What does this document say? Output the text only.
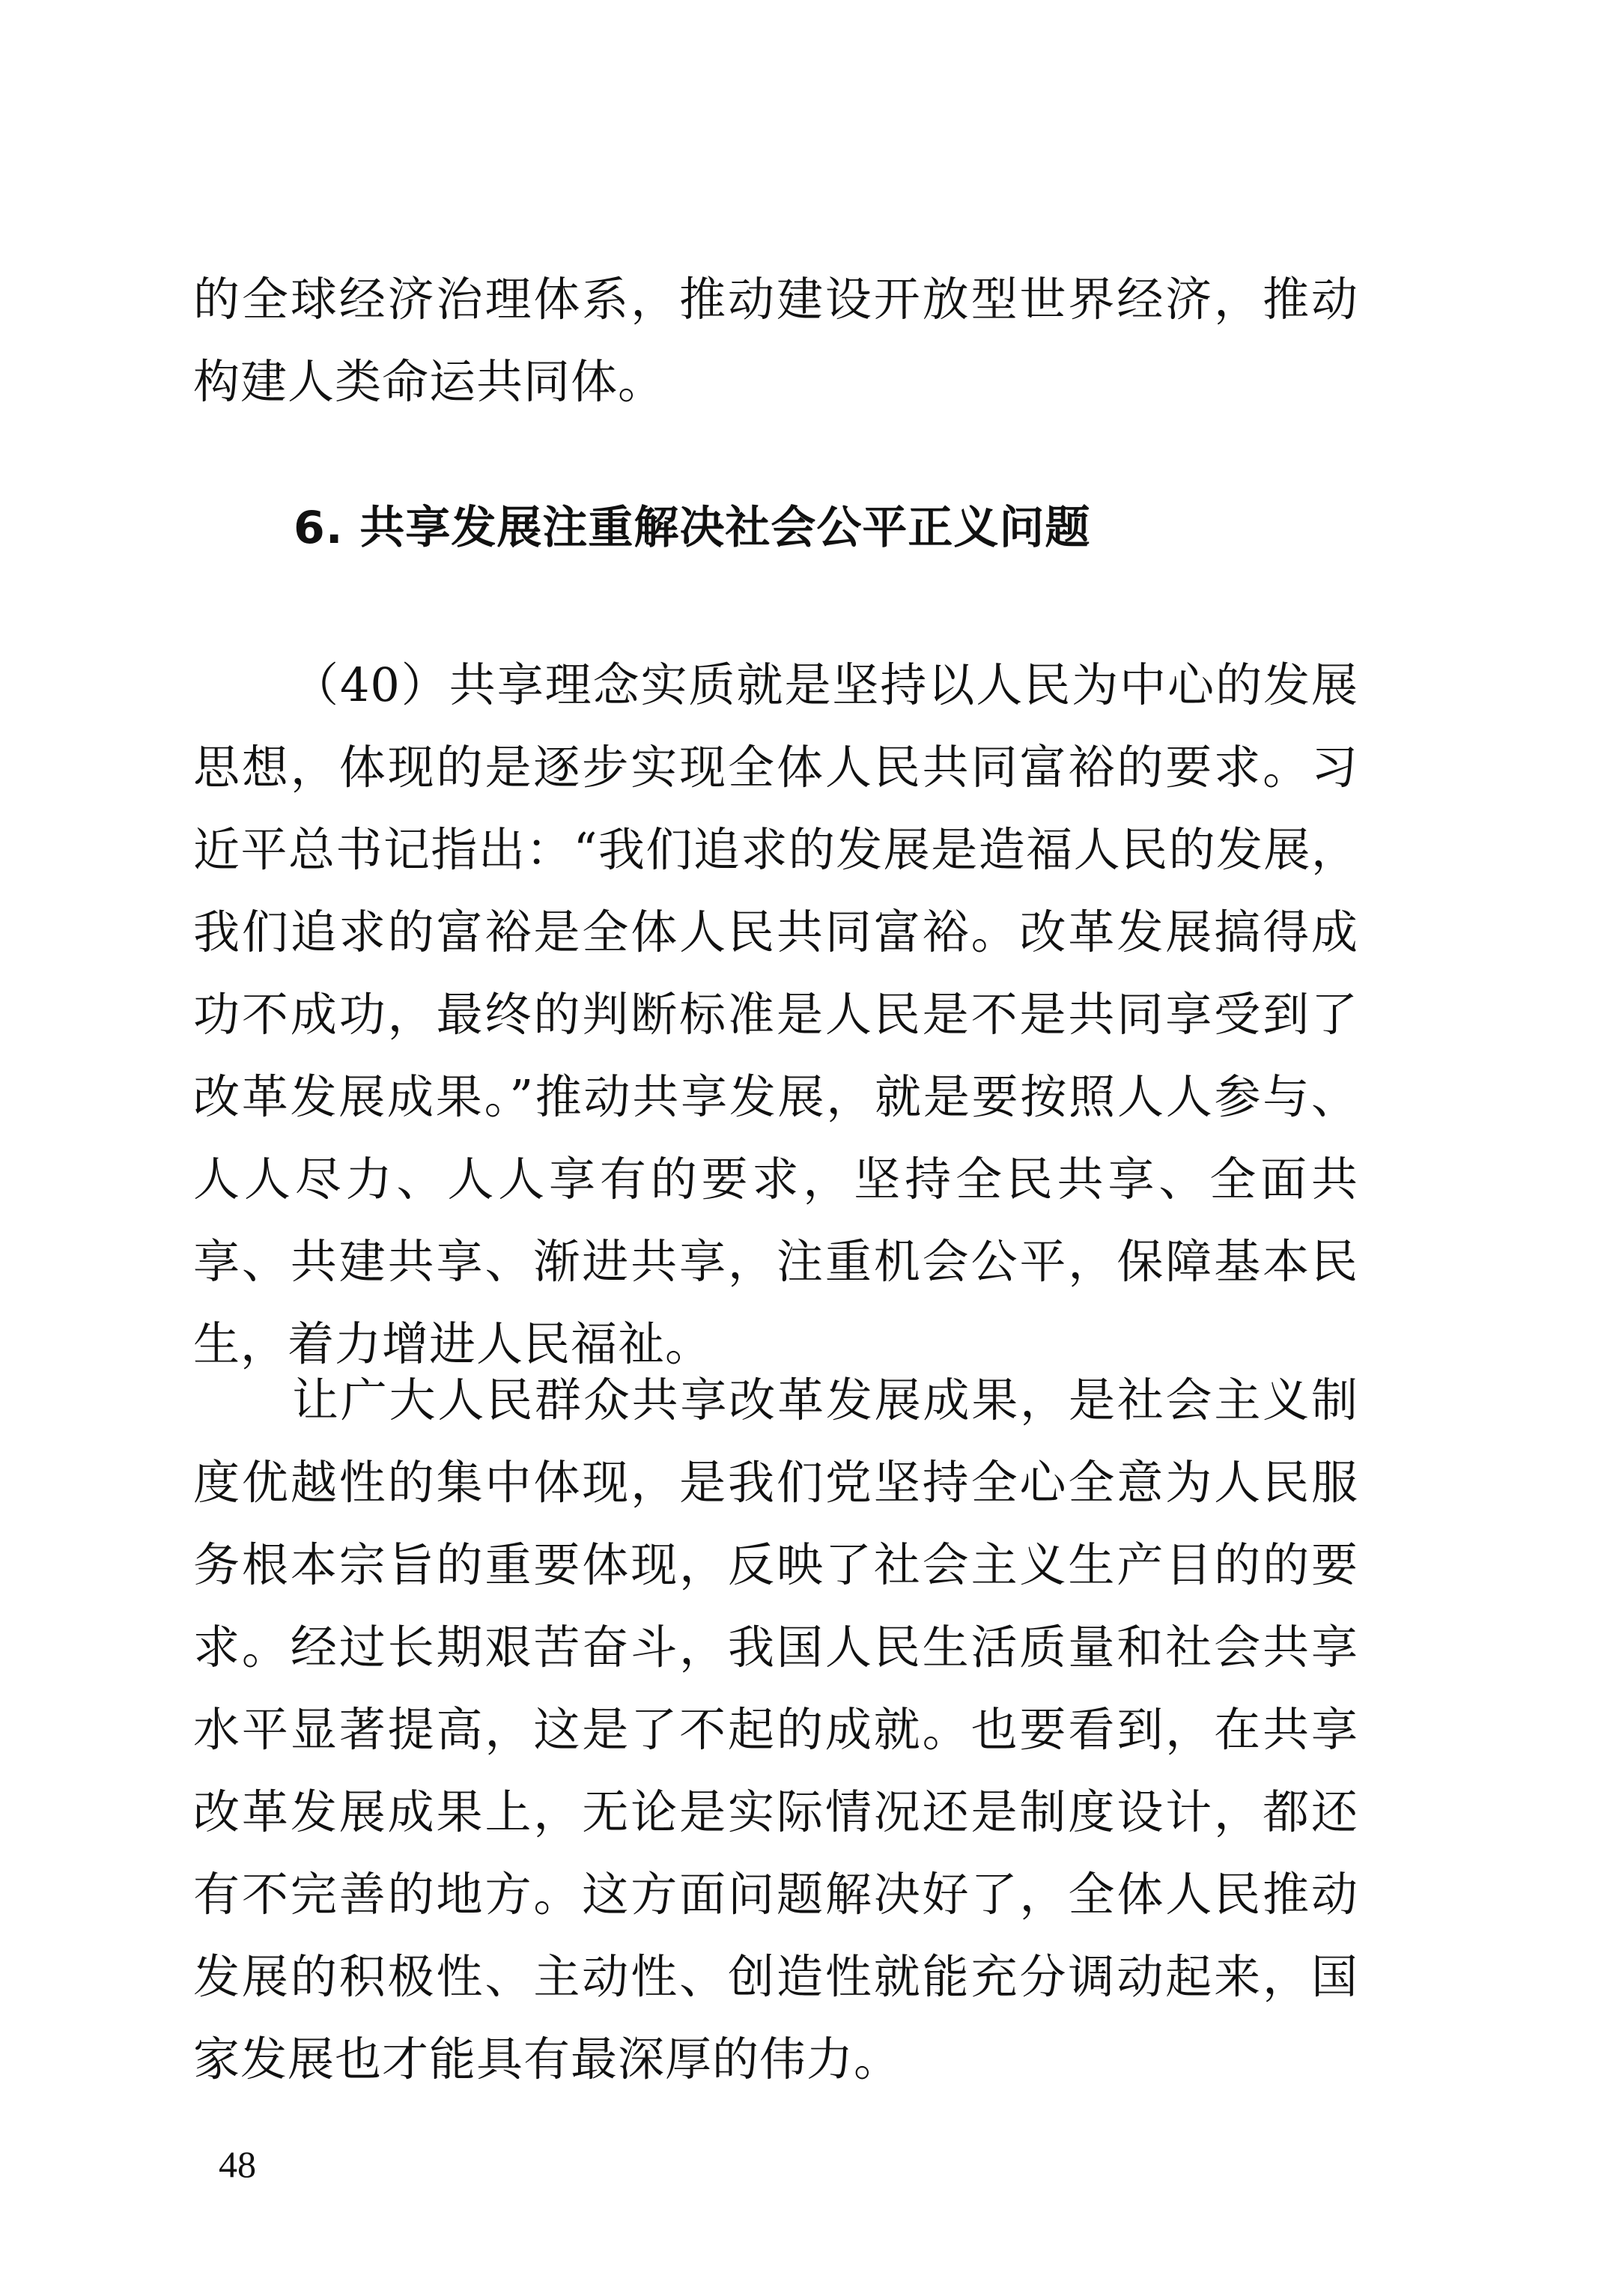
的全球经济治理体系，推动建设开放型世界经济，推动构建人类命运共同体。

6. 共享发展注重解决社会公平正义问题

（40）共享理念实质就是坚持以人民为中心的发展思想，体现的是逐步实现全体人民共同富裕的要求。习近平总书记指出：“我们追求的发展是造福人民的发展，我们追求的富裕是全体人民共同富裕。改革发展搞得成功不成功，最终的判断标准是人民是不是共同享受到了改革发展成果。”推动共享发展，就是要按照人人参与、人人尽力、人人享有的要求，坚持全民共享、全面共享、共建共享、渐进共享，注重机会公平，保障基本民生，着力增进人民福祉。

让广大人民群众共享改革发展成果，是社会主义制度优越性的集中体现，是我们党坚持全心全意为人民服务根本宗旨的重要体现，反映了社会主义生产目的的要求。经过长期艰苦奋斗，我国人民生活质量和社会共享水平显著提高，这是了不起的成就。也要看到，在共享改革发展成果上，无论是实际情况还是制度设计，都还有不完善的地方。这方面问题解决好了，全体人民推动发展的积极性、主动性、创造性就能充分调动起来，国家发展也才能具有最深厚的伟力。

48
